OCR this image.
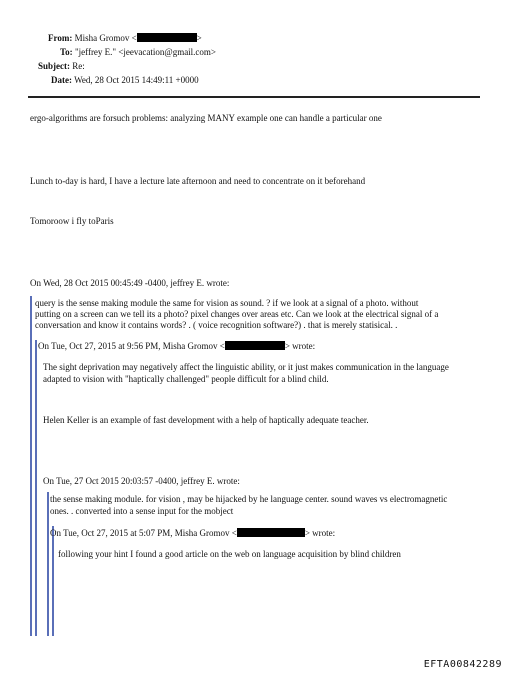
From: Misha Gromov <	>
To: "jeffrey E." <jeevacation@gmail.com>
Subject: Re:
Date: Wed, 28 Oct 2015 14:49:11 +0000
ergo-algorithms are forsuch problems: analyzing MANY example one can handle a particular one
Lunch to-day is hard, I have a lecture late afternoon and need to concentrate on it beforehand
Tomoroow i fly toParis
On Wed, 28 Oct 2015 00:45:49 -0400, jeffrey E. wrote:
query is the sense making module the same for vision as sound. ? if we look at a signal of a photo. without
putting on a screen can we tell its a photo? pixel changes over areas etc. Can we look at the electrical signal of a
conversation and know it contains words? . ( voice recognition software?) . that is merely statisical. .
On Tue, Oct 27, 2015 at 9:56 PM, Misha Gromov <	> wrote:
The sight deprivation may negatively affect the linguistic ability, or it just makes communication in the language
adapted to vision with "haptically challenged" people difficult for a blind child.
Helen Keller is an example of fast development with a help of haptically adequate teacher.
On Tue, 27 Oct 2015 20:03:57 -0400, jeffrey E. wrote:
the sense making module. for vision , may be hijacked by he language center. sound waves vs electromagnetic
ones. . converted into a sense input for the mobject
On Tue, Oct 27, 2015 at 5:07 PM, Misha Gromov <	> wrote:
following your hint I found a good article on the web on language acquisition by blind children
EFTA00842289
